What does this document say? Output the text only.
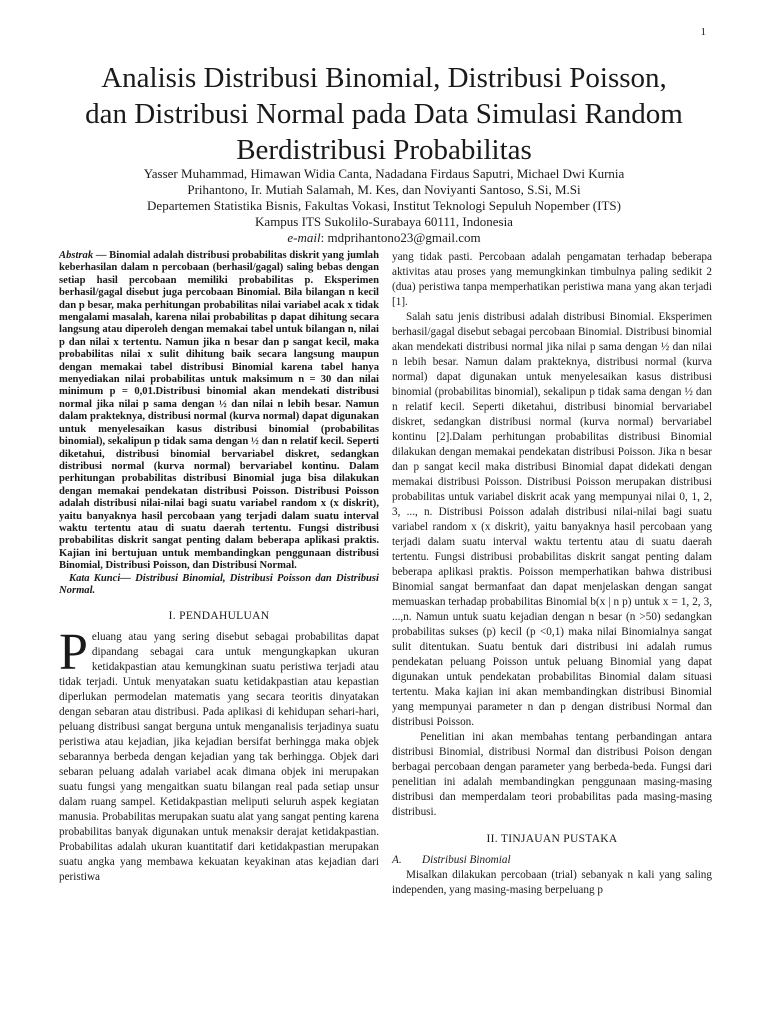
1
Analisis Distribusi Binomial, Distribusi Poisson,
dan Distribusi Normal pada Data Simulasi Random
Berdistribusi Probabilitas
Yasser Muhammad, Himawan Widia Canta, Nadadana Firdaus Saputri, Michael Dwi Kurnia
Prihantono, Ir. Mutiah Salamah, M. Kes, dan Noviyanti Santoso, S.Si, M.Si
Departemen Statistika Bisnis, Fakultas Vokasi, Institut Teknologi Sepuluh Nopember (ITS)
Kampus ITS Sukolilo-Surabaya 60111, Indonesia
e-mail: mdprihantono23@gmail.com

Abstrak — Binomial adalah distribusi probabilitas diskrit yang jumlah keberhasilan dalam n percobaan (berhasil/gagal) saling bebas dengan setiap hasil percobaan memiliki probabilitas p. Eksperimen berhasil/gagal disebut juga percobaan Binomial. Bila bilangan n kecil dan p besar, maka perhitungan probabilitas nilai variabel acak x tidak mengalami masalah, karena nilai probabilitas p dapat dihitung secara langsung atau diperoleh dengan memakai tabel untuk bilangan n, nilai p dan nilai x tertentu. Namun jika n besar dan p sangat kecil, maka probabilitas nilai x sulit dihitung baik secara langsung maupun dengan memakai tabel distribusi Binomial karena tabel hanya menyediakan nilai probabilitas untuk maksimum n = 30 dan nilai minimum p = 0,01.Distribusi binomial akan mendekati distribusi normal jika nilai p sama dengan ½ dan nilai n lebih besar. Namun dalam prakteknya, distribusi normal (kurva normal) dapat digunakan untuk menyelesaikan kasus distribusi binomial (probabilitas binomial), sekalipun p tidak sama dengan ½ dan n relatif kecil. Seperti diketahui, distribusi binomial bervariabel diskret, sedangkan distribusi normal (kurva normal) bervariabel kontinu. Dalam perhitungan probabilitas distribusi Binomial juga bisa dilakukan dengan memakai pendekatan distribusi Poisson. Distribusi Poisson adalah distribusi nilai-nilai bagi suatu variabel random x (x diskrit), yaitu banyaknya hasil percobaan yang terjadi dalam suatu interval waktu tertentu atau di suatu daerah tertentu. Fungsi distribusi probabilitas diskrit sangat penting dalam beberapa aplikasi praktis. Kajian ini bertujuan untuk membandingkan penggunaan distribusi Binomial, Distribusi Poisson, dan Distribusi Normal.

Kata Kunci— Distribusi Binomial, Distribusi Poisson dan Distribusi Normal.

I. PENDAHULUAN

Peluang atau yang sering disebut sebagai probabilitas dapat dipandang sebagai cara untuk mengungkapkan ukuran ketidakpastian atau kemungkinan suatu peristiwa terjadi atau tidak terjadi. Untuk menyatakan suatu ketidakpastian atau kepastian diperlukan permodelan matematis yang secara teoritis dinyatakan dengan sebaran atau distribusi. Pada aplikasi di kehidupan sehari-hari, peluang distribusi sangat berguna untuk menganalisis terjadinya suatu peristiwa atau kejadian, jika kejadian bersifat berhingga maka objek sebarannya berbeda dengan kejadian yang tak berhingga. Objek dari sebaran peluang adalah variabel acak dimana objek ini merupakan suatu fungsi yang mengaitkan suatu bilangan real pada setiap unsur dalam ruang sampel. Ketidakpastian meliputi seluruh aspek kegiatan manusia. Probabilitas merupakan suatu alat yang sangat penting karena probabilitas banyak digunakan untuk menaksir derajat ketidakpastian. Probabilitas adalah ukuran kuantitatif dari ketidakpastian merupakan suatu angka yang membawa kekuatan keyakinan atas kejadian dari peristiwa

yang tidak pasti. Percobaan adalah pengamatan terhadap beberapa aktivitas atau proses yang memungkinkan timbulnya paling sedikit 2 (dua) peristiwa tanpa memperhatikan peristiwa mana yang akan terjadi [1].

Salah satu jenis distribusi adalah distribusi Binomial. Eksperimen berhasil/gagal disebut sebagai percobaan Binomial. Distribusi binomial akan mendekati distribusi normal jika nilai p sama dengan ½ dan nilai n lebih besar. Namun dalam prakteknya, distribusi normal (kurva normal) dapat digunakan untuk menyelesaikan kasus distribusi binomial (probabilitas binomial), sekalipun p tidak sama dengan ½ dan n relatif kecil. Seperti diketahui, distribusi binomial bervariabel diskret, sedangkan distribusi normal (kurva normal) bervariabel kontinu [2].Dalam perhitungan probabilitas distribusi Binomial dilakukan dengan memakai pendekatan distribusi Poisson. Jika n besar dan p sangat kecil maka distribusi Binomial dapat didekati dengan memakai distribusi Poisson. Distribusi Poisson merupakan distribusi probabilitas untuk variabel diskrit acak yang mempunyai nilai 0, 1, 2, 3, ..., n. Distribusi Poisson adalah distribusi nilai-nilai bagi suatu variabel random x (x diskrit), yaitu banyaknya hasil percobaan yang terjadi dalam suatu interval waktu tertentu atau di suatu daerah tertentu. Fungsi distribusi probabilitas diskrit sangat penting dalam beberapa aplikasi praktis. Poisson memperhatikan bahwa distribusi Binomial sangat bermanfaat dan dapat menjelaskan dengan sangat memuaskan terhadap probabilitas Binomial b(x | n p) untuk x = 1, 2, 3, ...,n. Namun untuk suatu kejadian dengan n besar (n >50) sedangkan probabilitas sukses (p) kecil (p <0,1) maka nilai Binomialnya sangat sulit ditentukan. Suatu bentuk dari distribusi ini adalah rumus pendekatan peluang Poisson untuk peluang Binomial yang dapat digunakan untuk pendekatan probabilitas Binomial dalam situasi tertentu. Maka kajian ini akan membandingkan distribusi Binomial yang mempunyai parameter n dan p dengan distribusi Normal dan distribusi Poisson.

Penelitian ini akan membahas tentang perbandingan antara distribusi Binomial, distribusi Normal dan distribusi Poison dengan berbagai percobaan dengan parameter yang berbeda-beda. Fungsi dari penelitian ini adalah membandingkan penggunaan masing-masing distribusi dan memperdalam teori probabilitas pada masing-masing distribusi.

II. TINJAUAN PUSTAKA

A. Distribusi Binomial

Misalkan dilakukan percobaan (trial) sebanyak n kali yang saling independen, yang masing-masing berpeluang p
